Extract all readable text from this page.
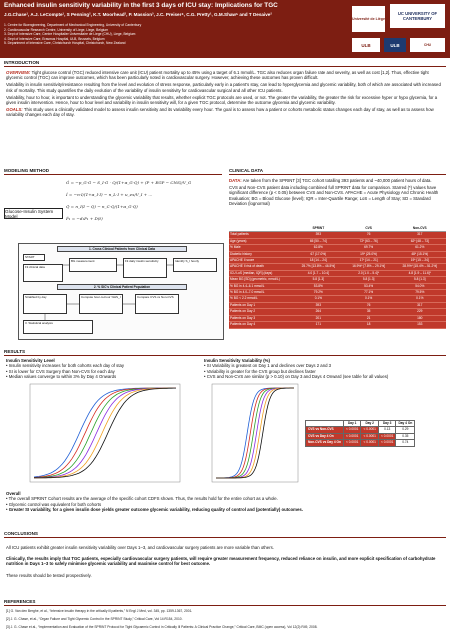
Enhanced insulin sensitivity variability in the first 3 days of ICU stay: Implications for TGC
J.G.Chase¹, A.J. LeCompte¹, S Penning², K.T. Moorhead², P. Massion³, J.C. Preiser⁴, C.G. Pretty¹, G.M.Shaw⁵ and T Desaive²
1. Centre for Bioengineering, Department of Mechanical Engineering, University of Canterbury
2. Cardiovascular Research Centre, University of Liege, Liege, Belgium
3. Dept of Intensive Care, Centre Hospitalier Universitaire de Liege (CHU), Liege, Belgium
4. Dept of Intensive Care, Erasmus Hospital, ULB, Brussels, Belgium
5. Department of Intensive Care, Christchurch Hospital, Christchurch, New Zealand
Université de Liège
UC UNIVERSITY OF CANTERBURY
ULB	ULB	CHU
INTRODUCTION

OVERVIEW: Tight glucose control (TGC) reduced intensive care unit (ICU) patient mortality up to 45% using a target of 6.1 mmol/L. TGC also reduces organ failure rate and severity, as well as cost [1,2]. Thus, effective tight glycemic control (TGC) can improve outcomes, which has been particularly noted in cardiovascular surgery. However, achieving these outcomes has proven difficult.

Variability in insulin sensitivity/resistance resulting from the level and evolution of stress response, particularly early in a patient’s stay, can lead to hyperglycemia and glycemic variability, both of which are associated with increased risk of mortality. This study quantifies the daily evolution of the variability of insulin sensitivity for cardiovascular surgical and all other ICU patients.

Variability, hour to hour, is important to understanding the glycemic variability that results, whether explicit TGC protocols are used, or not. The greater the variability, the greater the risk for excessive hyper or hypo glycemia, for a given insulin intervention. Hence, hour to hour level and variability in insulin sensitivity will, for a given TGC protocol, determine the outcome glycemia and glycemic variability.

GOALS: This study uses a clinically validated model to assess insulin sensitivity and its variability every hour. The goal is to assess how a patient or cohorts metabolic status changes each day of stay, as well as to assess how variability changes each day of stay.

MODELING METHOD
Glucose-Insulin System Model
Ġ = −p_G·G − S_I·G · Q/(1+α_G·Q) + (P + EGP − CNS)/V_G
İ = −n·I/(1+α_I·I) − n_L·I + u_ex/V_I + ...
Q̇ = n_I(I − Q) − n_C·Q/(1+α_G·Q)
Ṗ₁ = −d₁P₁ + D(t)
1. Cross Clinical Patients from Clinical Data
START
Fit clinical data
BG measurement	Fit daily insulin sensitivity	Identify S_I hourly
2. % SIC's Clinical Patient Population
Stratified by day	Compute hour-to-hour %ΔS_I	Compare CVS vs Non-CVS
3. Statistical analysis
CLINICAL DATA

DATA: Are taken from the SPRINT [3] TGC cohort totalling 393 patients and ~40,000 patient hours of data.

CVS and Non-CVS patient data including combined full SPRINT data for comparison. Starred (*) values have significant difference (p < 0.05) between CVS and Non-CVS. APACHE = Acute Physiology And Chronic Health Evaluation; BG = Blood Glucose (level); IQR = Inter-Quartile Range; LoS = Length of Stay; SD = Standard Deviation (lognormal)

	SPRINT	CVS	Non-CVS
Total patients	393	76	317
Age (years)	65 [50 – 74]	72* [63 – 76]	62* [48 – 73]
% Male	62.8%	69.7%	61.2%
Diabetic history	67 (17.0%)	19* (25.0%)	48* (15.1%)
APACHE II score	18 [14 – 24]	17* [14 – 21]	19* [15 – 24]
APACHE II risk of death	25.7% [13.8% – 46.5%]	16.9%* [7.8% – 29.1%]	28.9%* [15.4% – 51.2%]
ICU LoS [median, IQR] (days)	4.0 [1.7 – 10.4]	2.0 [1.0 – 5.4]*	4.8 [1.9 – 11.6]*
Mean BG [SD] (geometric, mmol/L)	5.8 [1.3]	5.8 [1.3]	5.8 [1.3]
% BG in 4.4–6.1 mmol/L	53.8%	53.4%	54.0%
% BG in 4.0–7.0 mmol/L	79.2%	77.1%	79.5%
% BG < 2.2 mmol/L	0.1%	0.1%	0.1%
Patients on Day 1	393	76	317
Patients on Day 2	264	35	229
Patients on Day 3	201	21	180
Patients on Day 4	171	18	153
RESULTS
Insulin Sensitivity Level
• Insulin sensitivity increases for both cohorts each day of stay
• SI is lower for CVS Surgery than Non-CVS for each day
• Median values converge to within 3% by Day 4 Onwards
Insulin Sensitivity Variability (%)
• SI Variability is greatest on Day 1 and declines over Days 2 and 3
• Variability is greater for the CVS group but declines faster
• CVS and Non-CVS are similar (p > 0.10) on Day 3 and Days 4 Onward (see table for all values)
	Day 1	Day 2	Day 3	Day 4 On
CVS vs Non-CVS	< 0.0001	< 0.0001	0.13	0.29
CVS vs Day 4 On	< 0.0001	< 0.0001	< 0.0001	0.35
Non-CVS vs Day 4 On	< 0.0001	< 0.0001	< 0.0001	0.74
Overall
• The overall SPRINT Cohort results are the average of the specific cohort CDFS shown. Thus, the results hold for the entire cohort as a whole.
• Glycemic control was equivalent for both cohorts
• Greater SI variability, for a given insulin dose yields greater outcome glycemic variability, reducing quality of control and (potentially) outcomes.
CONCLUSIONS

All ICU patients exhibit greater insulin sensitivity variability over Days 1–3, and cardiovascular surgery patients are more variable than others.

Clinically, the results imply that TGC patients, especially cardiovascular surgery patients, will require greater measurement frequency, reduced reliance on insulin, and more explicit specification of carbohydrate nutrition in Days 1–3 to safely minimise glycemic variability and maximise control for best outcome.

These results should be tested prospectively.

REFERENCES
[1] G. Van den Berghe, et al., “Intensive insulin therapy in the critically ill patients,” N Engl J Med, vol. 345, pp. 1359-1367, 2001.
[2] J. G. Chase, et al., “Organ Failure and Tight Glycemic Control in the SPRINT Study,” Critical Care, Vol 14:R154, 2010.
[3] J. G. Chase et al., “Implementation and Evaluation of the SPRINT Protocol for Tight Glycaemic Control in Critically Ill Patients: A Clinical Practice Change,” Critical Care, BMC (open access), Vol 12(2):R49, 2008.
